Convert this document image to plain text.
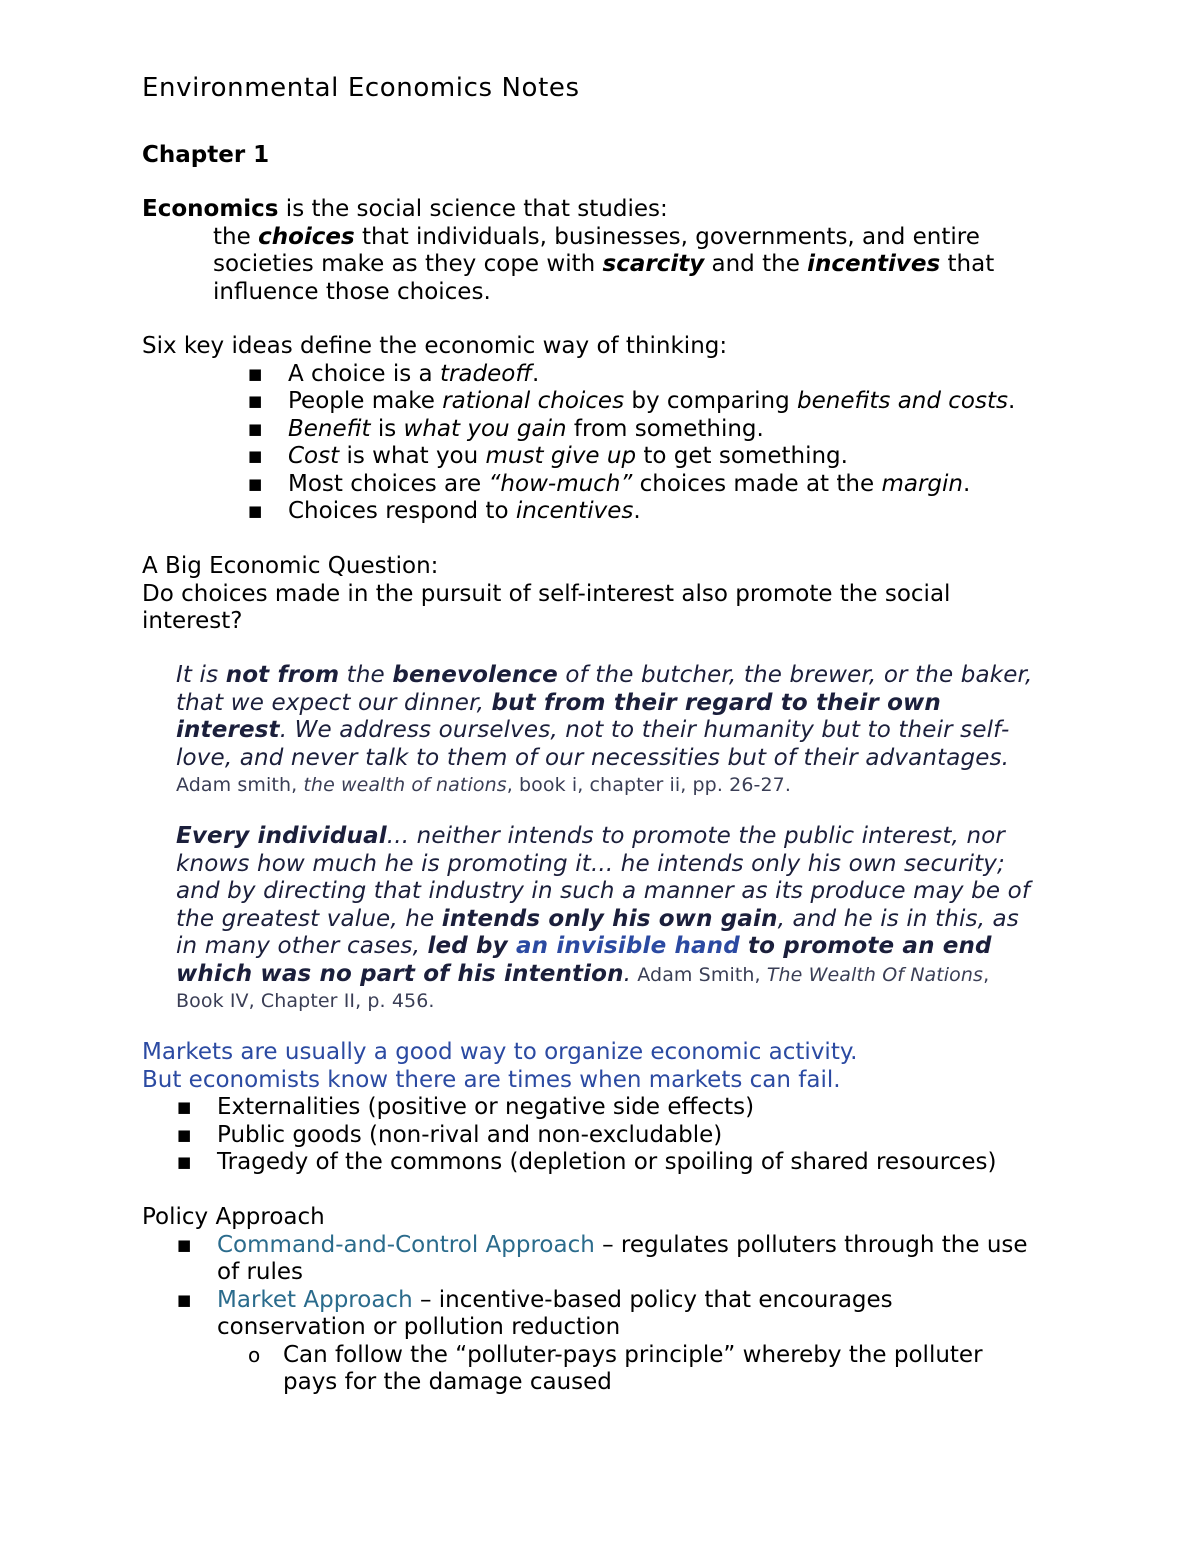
Environmental Economics Notes
Chapter 1
Economics is the social science that studies:
the choices that individuals, businesses, governments, and entire
societies make as they cope with scarcity and the incentives that
influence those choices.
Six key ideas define the economic way of thinking:
■	A choice is a tradeoff.
■	People make rational choices by comparing benefits and costs.
■	Benefit is what you gain from something.
■	Cost is what you must give up to get something.
■	Most choices are “how-much” choices made at the margin.
■	Choices respond to incentives.
A Big Economic Question:
Do choices made in the pursuit of self-interest also promote the social
interest?
It is not from the benevolence of the butcher, the brewer, or the baker,
that we expect our dinner, but from their regard to their own
interest. We address ourselves, not to their humanity but to their self-
love, and never talk to them of our necessities but of their advantages.
Adam smith, the wealth of nations, book i, chapter ii, pp. 26-27.
Every individual... neither intends to promote the public interest, nor
knows how much he is promoting it... he intends only his own security;
and by directing that industry in such a manner as its produce may be of
the greatest value, he intends only his own gain, and he is in this, as
in many other cases, led by an invisible hand to promote an end
which was no part of his intention. Adam Smith, The Wealth Of Nations,
Book IV, Chapter II, p. 456.
Markets are usually a good way to organize economic activity.
But economists know there are times when markets can fail.
■	Externalities (positive or negative side effects)
■	Public goods (non-rival and non-excludable)
■	Tragedy of the commons (depletion or spoiling of shared resources)
Policy Approach
■	Command-and-Control Approach – regulates polluters through the use
of rules
■	Market Approach – incentive-based policy that encourages
conservation or pollution reduction
o Can follow the “polluter-pays principle” whereby the polluter
pays for the damage caused
